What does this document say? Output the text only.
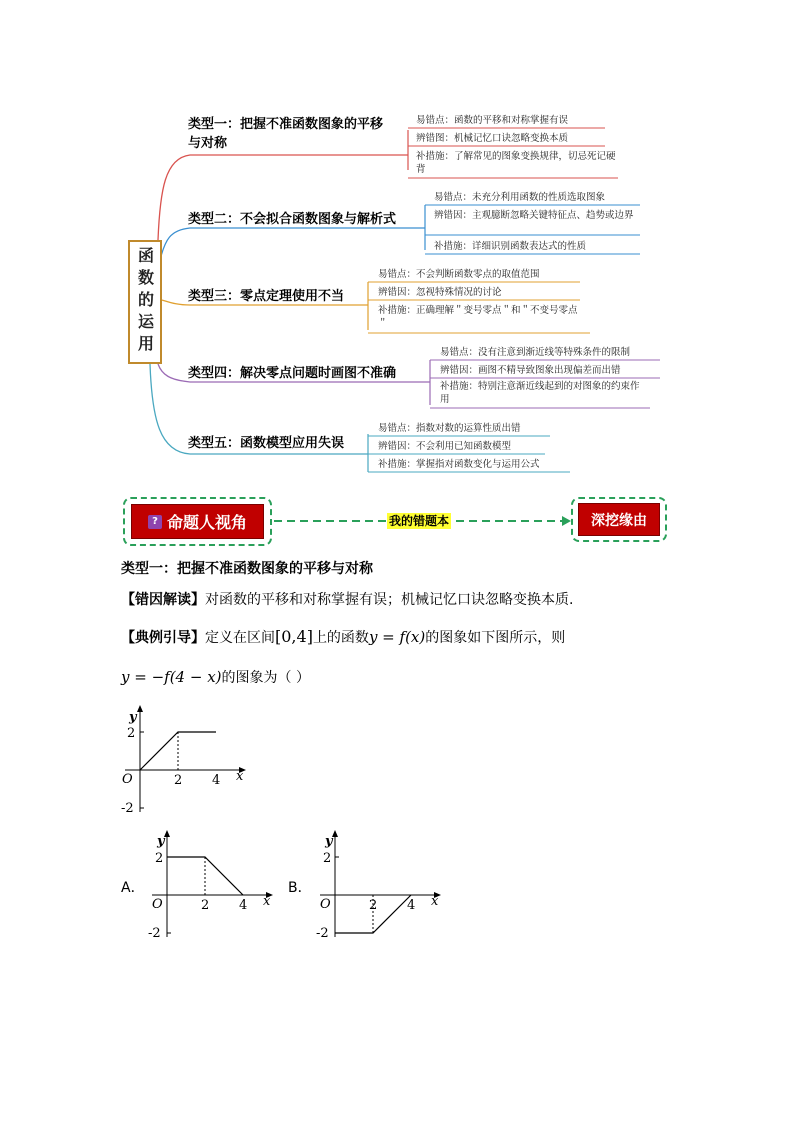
函数的运用
类型一：把握不准函数图象的平移与对称
易错点：函数的平移和对称掌握有误
辨错图：机械记忆口诀忽略变换本质
补措施：了解常见的图象变换规律，切忌死记硬背
类型二：不会拟合函数图象与解析式
易错点：未充分利用函数的性质选取图象
辨错因：主观臆断忽略关键特征点、趋势或边界
补措施：详细识别函数表达式的性质
类型三：零点定理使用不当
易错点：不会判断函数零点的取值范围
辨错因：忽视特殊情况的讨论
补措施：正确理解＂变号零点＂和＂不变号零点＂
类型四：解决零点问题时画图不准确
易错点：没有注意到渐近线等特殊条件的限制
辨错因：画图不精导致图象出现偏差而出错
补措施：特别注意渐近线起到的对图象的约束作用
类型五：函数模型应用失误
易错点：指数对数的运算性质出错
辨错因：不会利用已知函数模型
补措施：掌握指对函数变化与运用公式
? 命题人视角	我的错题本	深挖缘由
类型一：把握不准函数图象的平移与对称
【错因解读】对函数的平移和对称掌握有误；机械记忆口诀忽略变换本质.
【典例引导】定义在区间[0,4]上的函数y = f(x)的图象如下图所示，则
y = −f(4 − x)的图象为（ ）
y
x
O	2 4
2
-2
A．
y
x
O	2 4
2
-2
B．
y
x
O	2 4
2
-2
